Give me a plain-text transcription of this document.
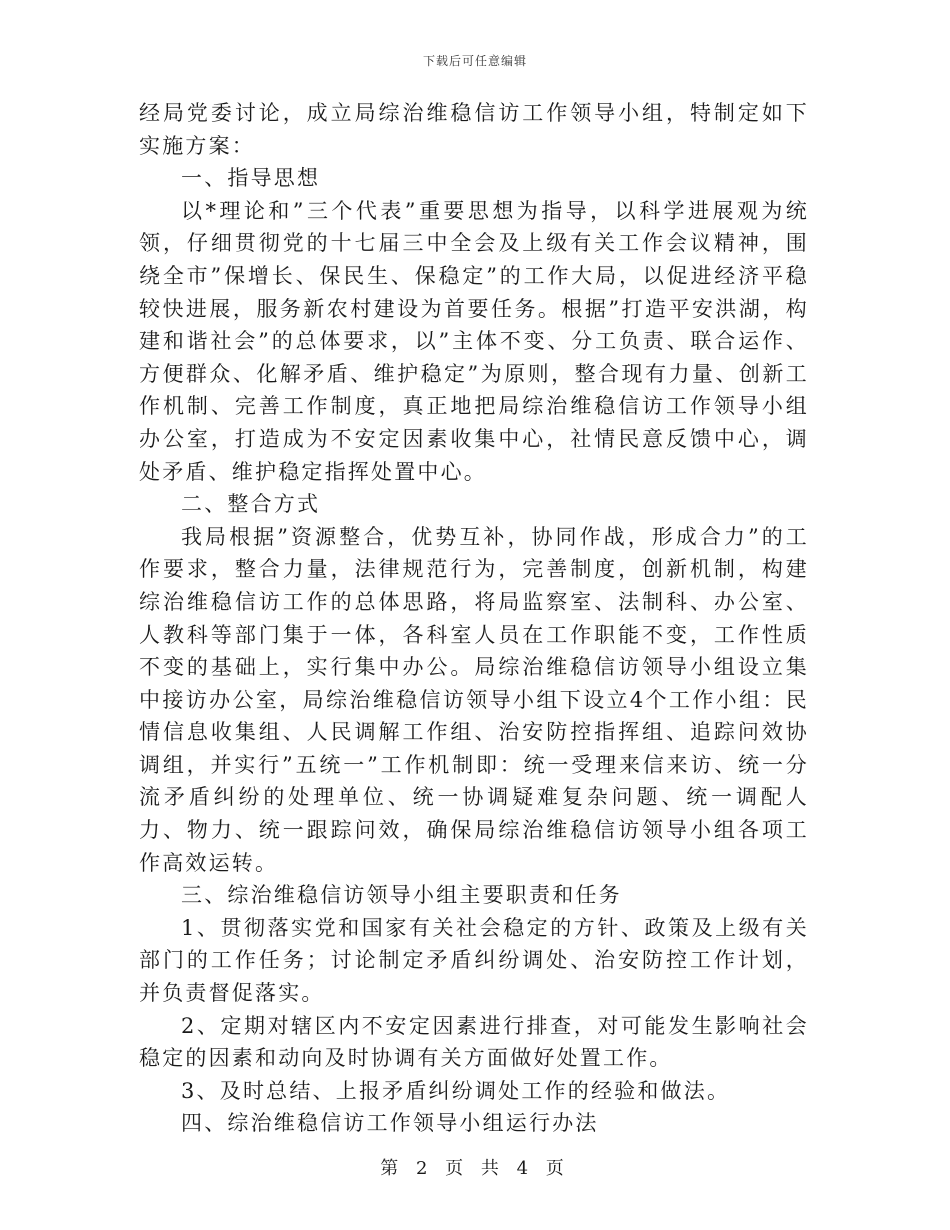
下载后可任意编辑

经局党委讨论，成立局综治维稳信访工作领导小组，特制定如下实施方案：

一、指导思想

以*理论和”三个代表”重要思想为指导，以科学进展观为统领，仔细贯彻党的十七届三中全会及上级有关工作会议精神，围绕全市”保增长、保民生、保稳定”的工作大局，以促进经济平稳较快进展，服务新农村建设为首要任务。根据”打造平安洪湖，构建和谐社会”的总体要求，以”主体不变、分工负责、联合运作、方便群众、化解矛盾、维护稳定”为原则，整合现有力量、创新工作机制、完善工作制度，真正地把局综治维稳信访工作领导小组办公室，打造成为不安定因素收集中心，社情民意反馈中心，调处矛盾、维护稳定指挥处置中心。

二、整合方式

我局根据”资源整合，优势互补，协同作战，形成合力”的工作要求，整合力量，法律规范行为，完善制度，创新机制，构建综治维稳信访工作的总体思路，将局监察室、法制科、办公室、人教科等部门集于一体，各科室人员在工作职能不变，工作性质不变的基础上，实行集中办公。局综治维稳信访领导小组设立集中接访办公室，局综治维稳信访领导小组下设立4个工作小组：民情信息收集组、人民调解工作组、治安防控指挥组、追踪问效协调组，并实行”五统一”工作机制即：统一受理来信来访、统一分流矛盾纠纷的处理单位、统一协调疑难复杂问题、统一调配人力、物力、统一跟踪问效，确保局综治维稳信访领导小组各项工作高效运转。

三、综治维稳信访领导小组主要职责和任务

1、贯彻落实党和国家有关社会稳定的方针、政策及上级有关部门的工作任务；讨论制定矛盾纠纷调处、治安防控工作计划，并负责督促落实。

2、定期对辖区内不安定因素进行排查，对可能发生影响社会稳定的因素和动向及时协调有关方面做好处置工作。

3、及时总结、上报矛盾纠纷调处工作的经验和做法。

四、综治维稳信访工作领导小组运行办法

第 2 页 共 4 页
